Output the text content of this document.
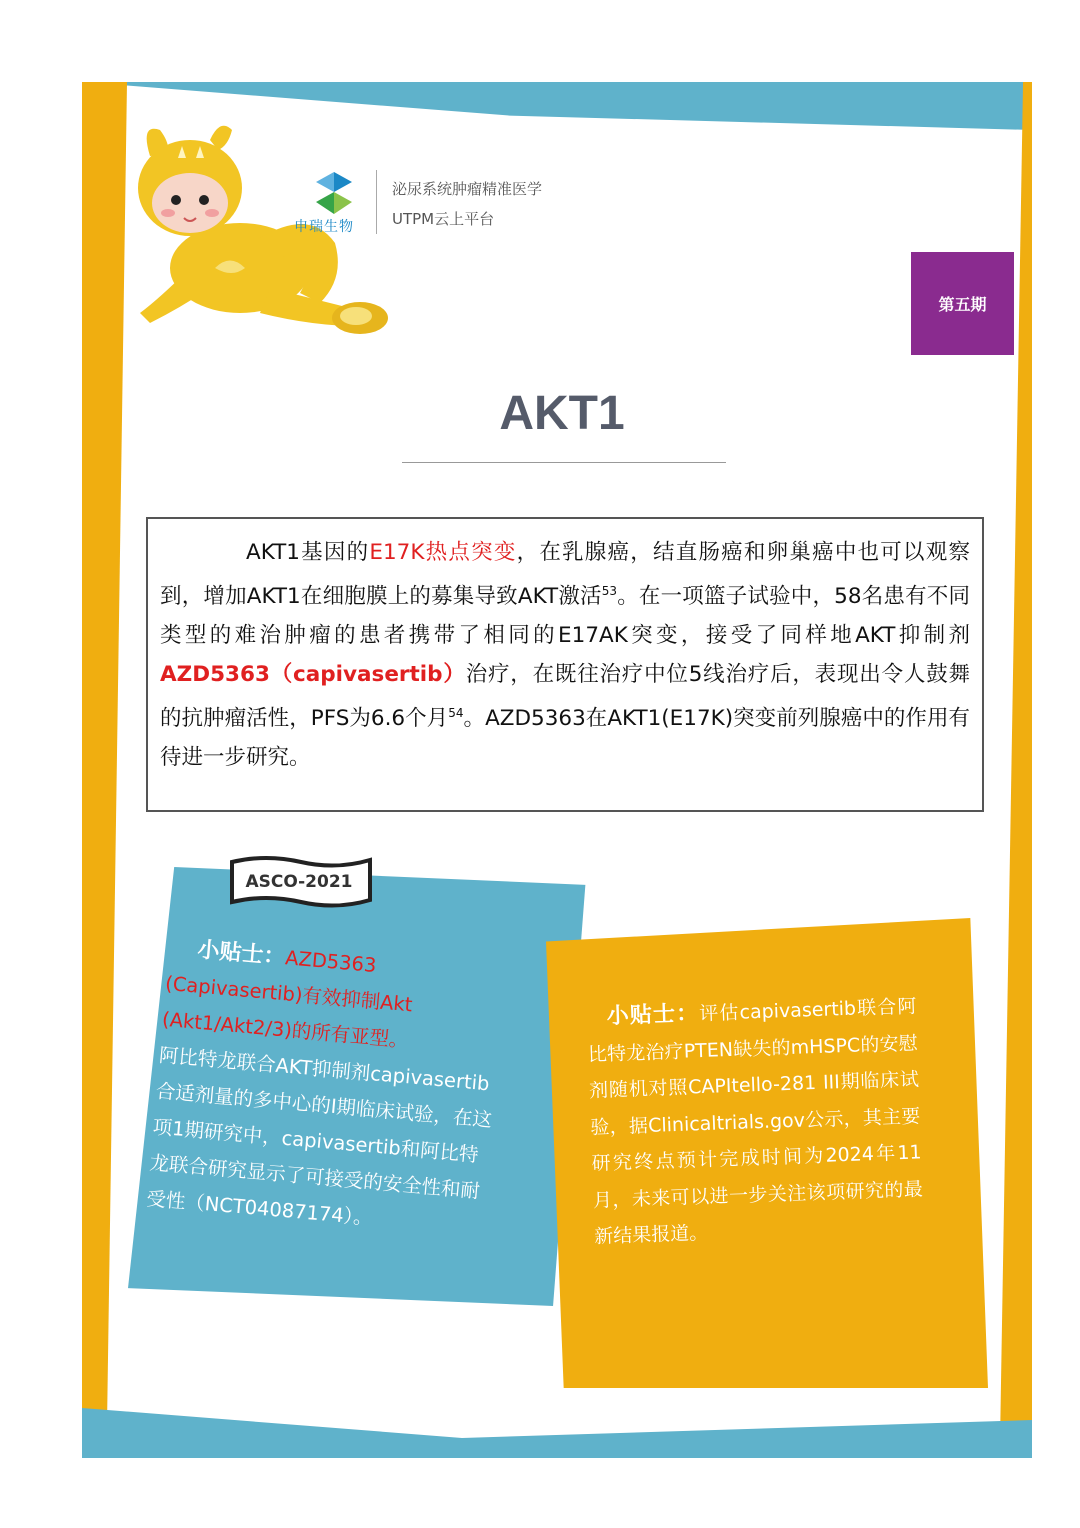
申瑞生物
泌尿系统肿瘤精准医学
UTPM云上平台
第五期
AKT1

    AKT1基因的E17K热点突变，在乳腺癌，结直肠癌和卵巢癌中也可以观察到，增加AKT1在细胞膜上的募集导致AKT激活$^{53}$。在一项篮子试验中，58名患有不同类型的难治肿瘤的患者携带了相同的E17AK突变，接受了同样地AKT抑制剂AZD5363（capivasertib）治疗，在既往治疗中位5线治疗后，表现出令人鼓舞的抗肿瘤活性，PFS为6.6个月$^{54}$。AZD5363在AKT1(E17K)突变前列腺癌中的作用有待进一步研究。

  小贴士：AZD5363 (Capivasertib)有效抑制Akt (Akt1/Akt2/3)的所有亚型。
阿比特龙联合AKT抑制剂capivasertib合适剂量的多中心的I期临床试验，在这项1期研究中，capivasertib和阿比特龙联合研究显示了可接受的安全性和耐受性（NCT04087174）。
ASCO-2021
 小贴士：评估capivasertib联合阿比特龙治疗PTEN缺失的mHSPC的安慰剂随机对照CAPItello-281 III期临床试验，据Clinicaltrials.gov公示，其主要研究终点预计完成时间为2024年11月，未来可以进一步关注该项研究的最新结果报道。
